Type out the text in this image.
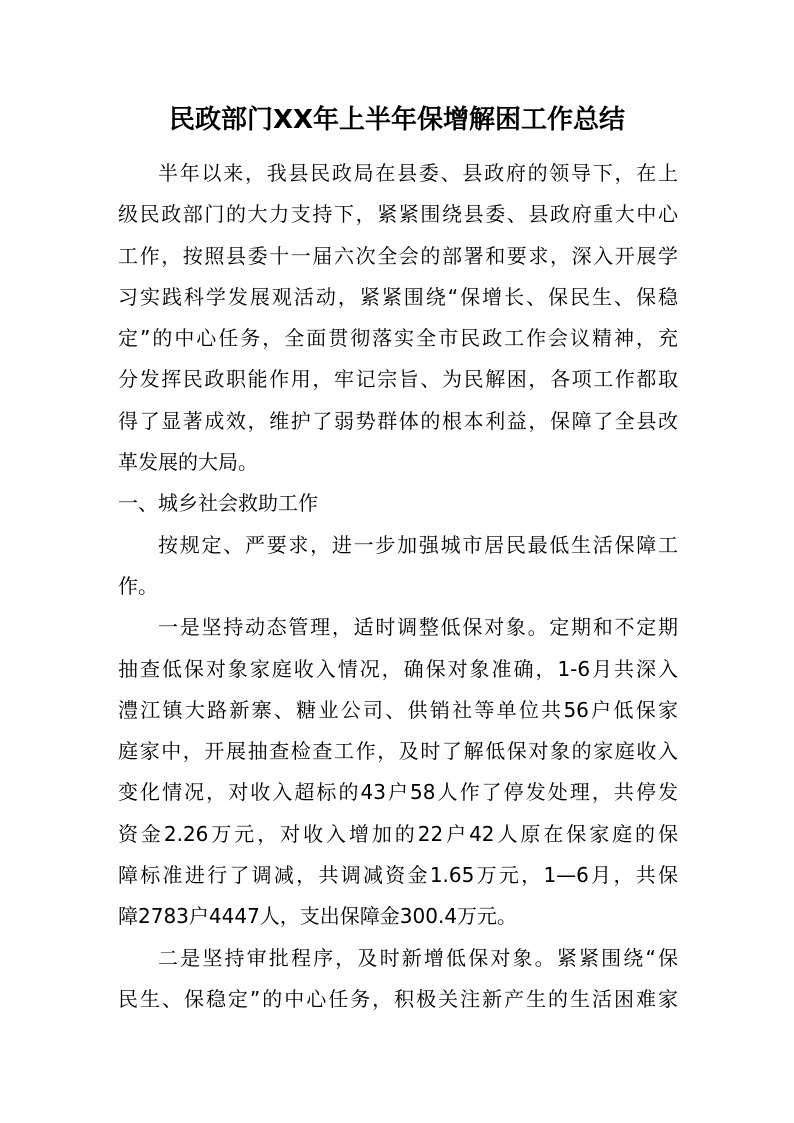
民政部门XX年上半年保增解困工作总结
半年以来，我县民政局在县委、县政府的领导下，在上
级民政部门的大力支持下，紧紧围绕县委、县政府重大中心
工作，按照县委十一届六次全会的部署和要求，深入开展学
习实践科学发展观活动，紧紧围绕“保增长、保民生、保稳
定”的中心任务，全面贯彻落实全市民政工作会议精神，充
分发挥民政职能作用，牢记宗旨、为民解困，各项工作都取
得了显著成效，维护了弱势群体的根本利益，保障了全县改
革发展的大局。
一、城乡社会救助工作
按规定、严要求，进一步加强城市居民最低生活保障工
作。
一是坚持动态管理，适时调整低保对象。定期和不定期
抽查低保对象家庭收入情况，确保对象准确，1-6月共深入
澧江镇大路新寨、糖业公司、供销社等单位共56户低保家
庭家中，开展抽查检查工作，及时了解低保对象的家庭收入
变化情况，对收入超标的43户58人作了停发处理，共停发
资金2.26万元，对收入增加的22户42人原在保家庭的保
障标准进行了调减，共调减资金1.65万元，1—6月，共保
障2783户4447人，支出保障金300.4万元。
二是坚持审批程序，及时新增低保对象。紧紧围绕“保
民生、保稳定”的中心任务，积极关注新产生的生活困难家
